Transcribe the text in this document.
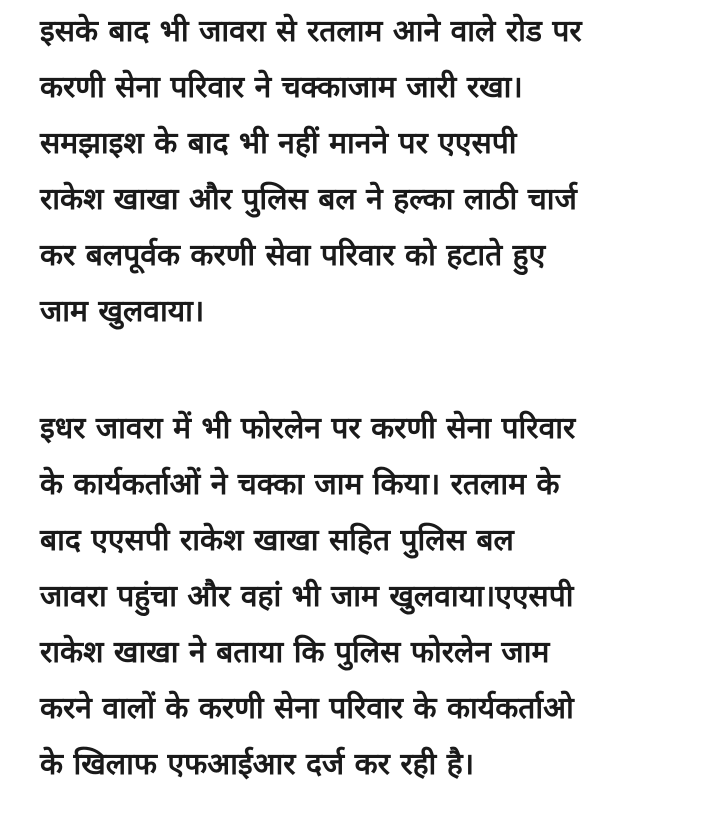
इसके बाद भी जावरा से रतलाम आने वाले रोड पर
करणी सेना परिवार ने चक्काजाम जारी रखा।
समझाइश के बाद भी नहीं मानने पर एएसपी
राकेश खाखा और पुलिस बल ने हल्का लाठी चार्ज
कर बलपूर्वक करणी सेवा परिवार को हटाते हुए
जाम खुलवाया।
इधर जावरा में भी फोरलेन पर करणी सेना परिवार
के कार्यकर्ताओं ने चक्का जाम किया। रतलाम के
बाद एएसपी राकेश खाखा सहित पुलिस बल
जावरा पहुंचा और वहां भी जाम खुलवाया।एएसपी
राकेश खाखा ने बताया कि पुलिस फोरलेन जाम
करने वालों के करणी सेना परिवार के कार्यकर्ताओ
के खिलाफ एफआईआर दर्ज कर रही है।
